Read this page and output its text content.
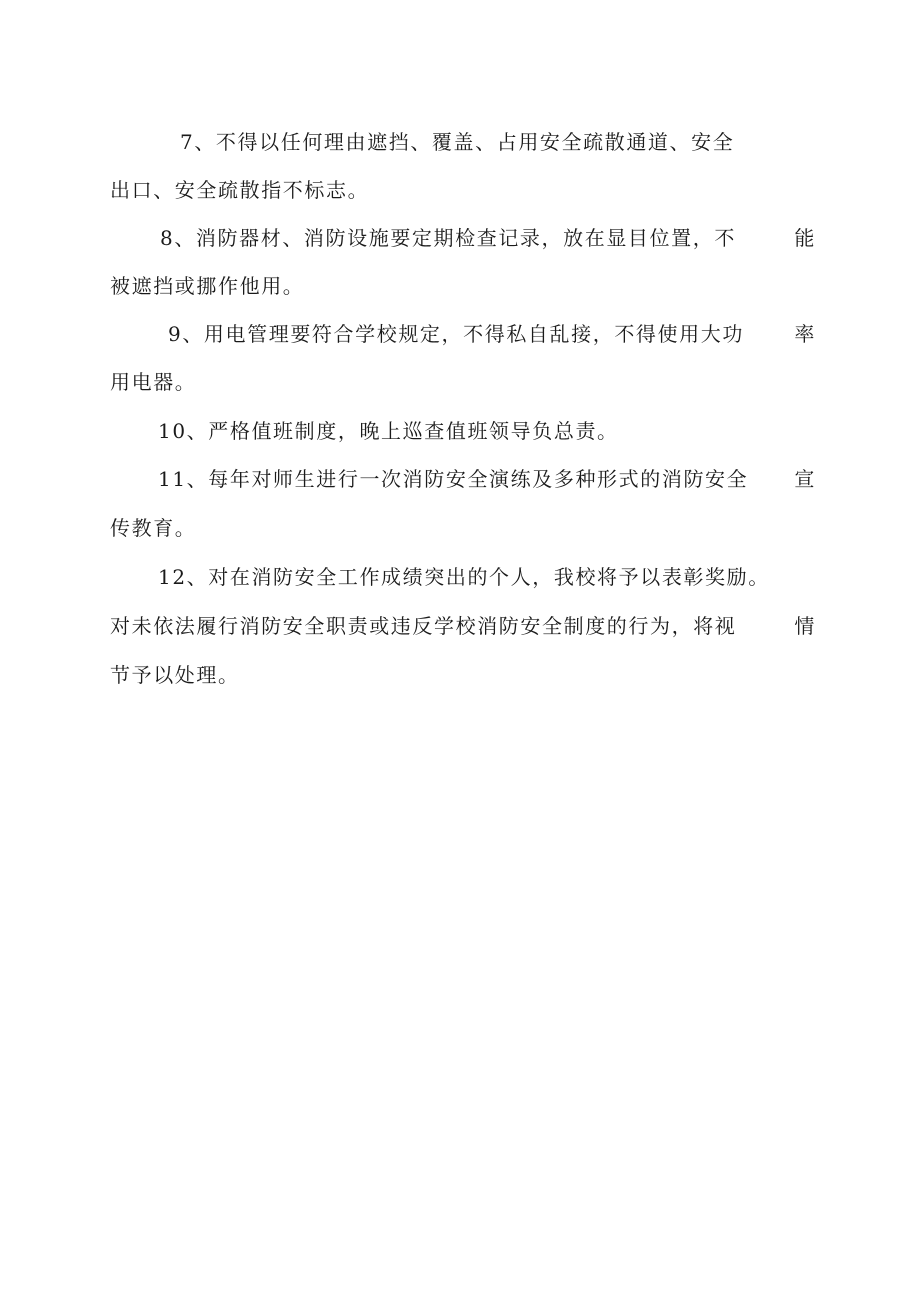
7、不得以任何理由遮挡、覆盖、占用安全疏散通道、安全
出口、安全疏散指不标志。
8、消防器材、消防设施要定期检查记录，放在显目位置，不	能
被遮挡或挪作他用。
9、用电管理要符合学校规定，不得私自乱接，不得使用大功	率
用电器。
10、严格值班制度，晚上巡查值班领导负总责。
11、每年对师生进行一次消防安全演练及多种形式的消防安全 宣
传教育。
12、对在消防安全工作成绩突出的个人，我校将予以表彰奖励。
对未依法履行消防安全职责或违反学校消防安全制度的行为，将视	情
节予以处理。
